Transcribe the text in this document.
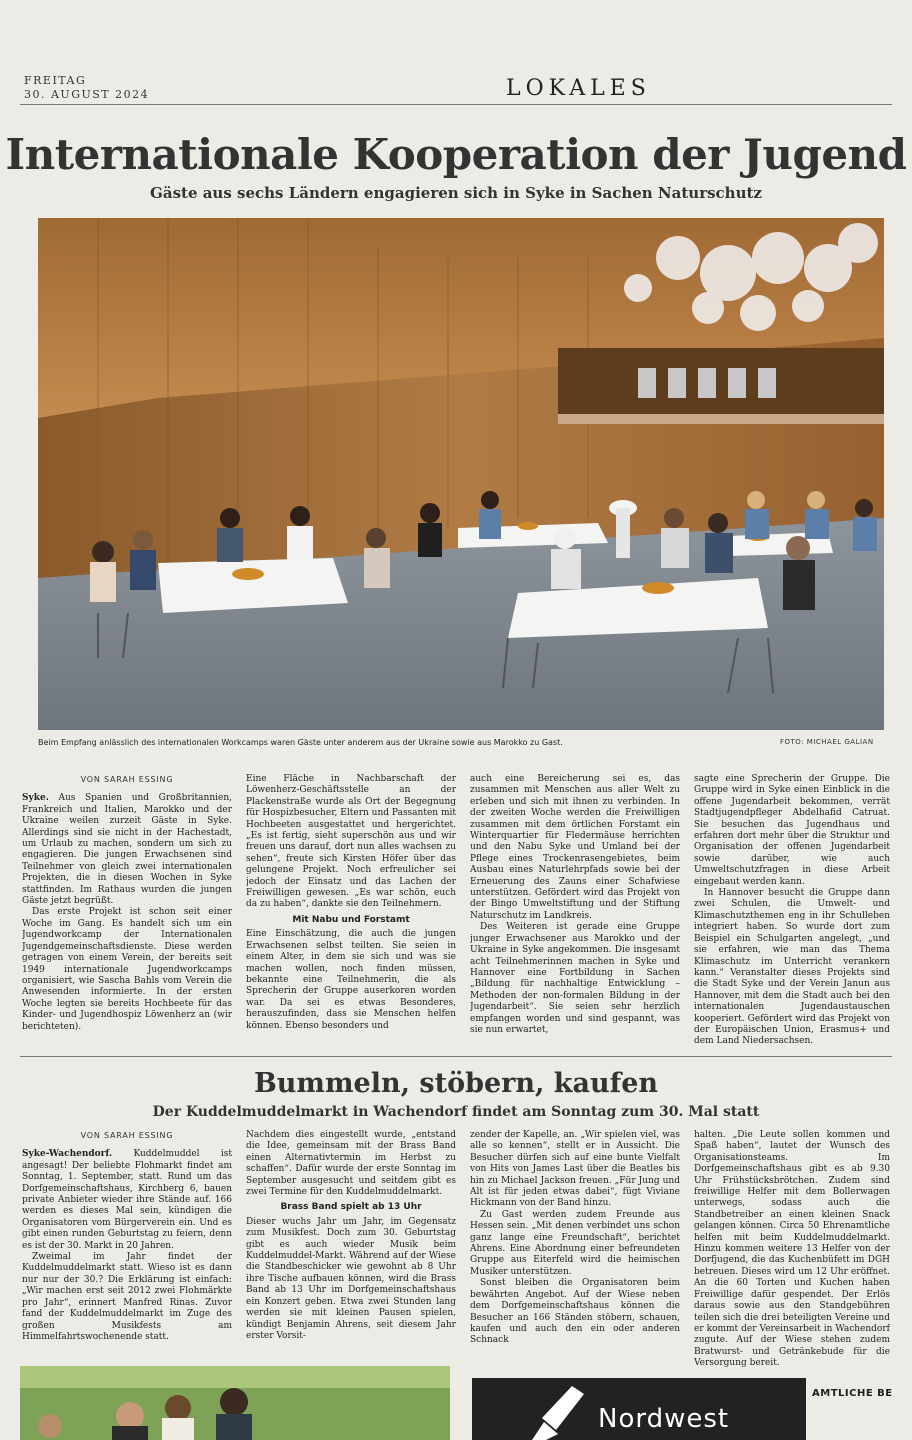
FREITAG
30. AUGUST 2024	LOKALES
Internationale Kooperation der Jugend
Gäste aus sechs Ländern engagieren sich in Syke in Sachen Naturschutz
Beim Empfang anlässlich des internationalen Workcamps waren Gäste unter anderem aus der Ukraine sowie aus Marokko zu Gast.	FOTO: MICHAEL GALIAN
VON SARAH ESSING

Syke. Aus Spanien und Großbritannien, Frankreich und Italien, Marokko und der Ukraine weilen zurzeit Gäste in Syke. Allerdings sind sie nicht in der Hachestadt, um Urlaub zu machen, sondern um sich zu engagieren. Die jungen Erwachsenen sind Teilnehmer von gleich zwei internationalen Projekten, die in diesen Wochen in Syke stattfinden. Im Rathaus wurden die jungen Gäste jetzt begrüßt.

Das erste Projekt ist schon seit einer Woche im Gang. Es handelt sich um ein Jugendworkcamp der Internationalen Jugendgemeinschaftsdienste. Diese werden getragen von einem Verein, der bereits seit 1949 internationale Jugendworkcamps organisiert, wie Sascha Bahls vom Verein die Anwesenden informierte. In der ersten Woche legten sie bereits Hochbeete für das Kinder- und Jugendhospiz Löwenherz an (wir berichteten).

Eine Fläche in Nachbarschaft der Löwenherz-Geschäftsstelle an der Plackenstraße wurde als Ort der Begegnung für Hospizbesucher, Eltern und Passanten mit Hochbeeten ausgestattet und hergerichtet. „Es ist fertig, sieht superschön aus und wir freuen uns darauf, dort nun alles wachsen zu sehen“, freute sich Kirsten Höfer über das gelungene Projekt. Noch erfreulicher sei jedoch der Einsatz und das Lachen der Freiwilligen gewesen. „Es war schön, euch da zu haben“, dankte sie den Teilnehmern.

Mit Nabu und Forstamt

Eine Einschätzung, die auch die jungen Erwachsenen selbst teilten. Sie seien in einem Alter, in dem sie sich und was sie machen wollen, noch finden müssen, bekannte eine Teilnehmerin, die als Sprecherin der Gruppe auserkoren worden war. Da sei es etwas Besonderes, herauszufinden, dass sie Menschen helfen können. Ebenso besonders und

auch eine Bereicherung sei es, das zusammen mit Menschen aus aller Welt zu erleben und sich mit ihnen zu verbinden. In der zweiten Woche werden die Freiwilligen zusammen mit dem örtlichen Forstamt ein Winterquartier für Fledermäuse herrichten und den Nabu Syke und Umland bei der Pflege eines Trockenrasengebietes, beim Ausbau eines Naturlehrpfads sowie bei der Erneuerung des Zauns einer Schafwiese unterstützen. Gefördert wird das Projekt von der Bingo Umweltstiftung und der Stiftung Naturschutz im Landkreis.

Des Weiteren ist gerade eine Gruppe junger Erwachsener aus Marokko und der Ukraine in Syke angekommen. Die insgesamt acht Teilnehmerinnen machen in Syke und Hannover eine Fortbildung in Sachen „Bildung für nachhaltige Entwicklung – Methoden der non-formalen Bildung in der Jugendarbeit“. Sie seien sehr herzlich empfangen worden und sind gespannt, was sie nun erwartet,

sagte eine Sprecherin der Gruppe. Die Gruppe wird in Syke einen Einblick in die offene Jugendarbeit bekommen, verrät Stadtjugendpfleger Abdelhafid Catruat. Sie besuchen das Jugendhaus und erfahren dort mehr über die Struktur und Organisation der offenen Jugendarbeit sowie darüber, wie auch Umweltschutzfragen in diese Arbeit eingebaut werden kann.

In Hannover besucht die Gruppe dann zwei Schulen, die Umwelt- und Klimaschutzthemen eng in ihr Schulleben integriert haben. So wurde dort zum Beispiel ein Schulgarten angelegt, „und sie erfahren, wie man das Thema Klimaschutz im Unterricht verankern kann.“ Veranstalter dieses Projekts sind die Stadt Syke und der Verein Janun aus Hannover, mit dem die Stadt auch bei den internationalen Jugendaustauschen kooperiert. Gefördert wird das Projekt von der Europäischen Union, Erasmus+ und dem Land Niedersachsen.

Bummeln, stöbern, kaufen
Der Kuddelmuddelmarkt in Wachendorf findet am Sonntag zum 30. Mal statt
VON SARAH ESSING

Syke-Wachendorf. Kuddelmuddel ist angesagt! Der beliebte Flohmarkt findet am Sonntag, 1. September, statt. Rund um das Dorfgemeinschaftshaus, Kirchberg 6, bauen private Anbieter wieder ihre Stände auf. 166 werden es dieses Mal sein, kündigen die Organisatoren vom Bürgerverein ein. Und es gibt einen runden Geburtstag zu feiern, denn es ist der 30. Markt in 20 Jahren.

Zweimal im Jahr findet der Kuddelmuddelmarkt statt. Wieso ist es dann nur nur der 30.? Die Erklärung ist einfach: „Wir machen erst seit 2012 zwei Flohmärkte pro Jahr“, erinnert Manfred Rinas. Zuvor fand der Kuddelmuddelmarkt im Zuge des großen Musikfests am Himmelfahrtswochenende statt.

Nachdem dies eingestellt wurde, „entstand die Idee, gemeinsam mit der Brass Band einen Alternativtermin im Herbst zu schaffen“. Dafür wurde der erste Sonntag im September ausgesucht und seitdem gibt es zwei Termine für den Kuddelmuddelmarkt.

Brass Band spielt ab 13 Uhr

Dieser wuchs Jahr um Jahr, im Gegensatz zum Musikfest. Doch zum 30. Geburtstag gibt es auch wieder Musik beim Kuddelmuddel-Markt. Während auf der Wiese die Standbeschicker wie gewohnt ab 8 Uhr ihre Tische aufbauen können, wird die Brass Band ab 13 Uhr im Dorfgemeinschaftshaus ein Konzert geben. Etwa zwei Stunden lang werden sie mit kleinen Pausen spielen, kündigt Benjamin Ahrens, seit diesem Jahr erster Vorsit-

zender der Kapelle, an. „Wir spielen viel, was alle so kennen“, stellt er in Aussicht. Die Besucher dürfen sich auf eine bunte Vielfalt von Hits von James Last über die Beatles bis hin zu Michael Jackson freuen. „Für Jung und Alt ist für jeden etwas dabei“, fügt Viviane Hickmann von der Band hinzu.

Zu Gast werden zudem Freunde aus Hessen sein. „Mit denen verbindet uns schon ganz lange eine Freundschaft“, berichtet Ahrens. Eine Abordnung einer befreundeten Gruppe aus Eiterfeld wird die heimischen Musiker unterstützen.

Sonst bleiben die Organisatoren beim bewährten Angebot. Auf der Wiese neben dem Dorfgemeinschaftshaus können die Besucher an 166 Ständen stöbern, schauen, kaufen und auch den ein oder anderen Schnack

halten. „Die Leute sollen kommen und Spaß haben“, lautet der Wunsch des Organisationsteams. Im Dorfgemeinschaftshaus gibt es ab 9.30 Uhr Frühstücksbrötchen. Zudem sind freiwillige Helfer mit dem Bollerwagen unterwegs, sodass auch die Standbetreiber an einen kleinen Snack gelangen können. Circa 50 Ehrenamtliche helfen mit beim Kuddelmuddelmarkt. Hinzu kommen weitere 13 Helfer von der Dorfjugend, die das Kuchenbüfett im DGH betreuen. Dieses wird um 12 Uhr eröffnet. An die 60 Torten und Kuchen haben Freiwillige dafür gespendet. Der Erlös daraus sowie aus den Standgebühren teilen sich die drei beteiligten Vereine und er kommt der Vereinsarbeit in Wachendorf zugute. Auf der Wiese stehen zudem Bratwurst- und Getränkebude für die Versorgung bereit.

Nordwest
AMTLICHE BE
